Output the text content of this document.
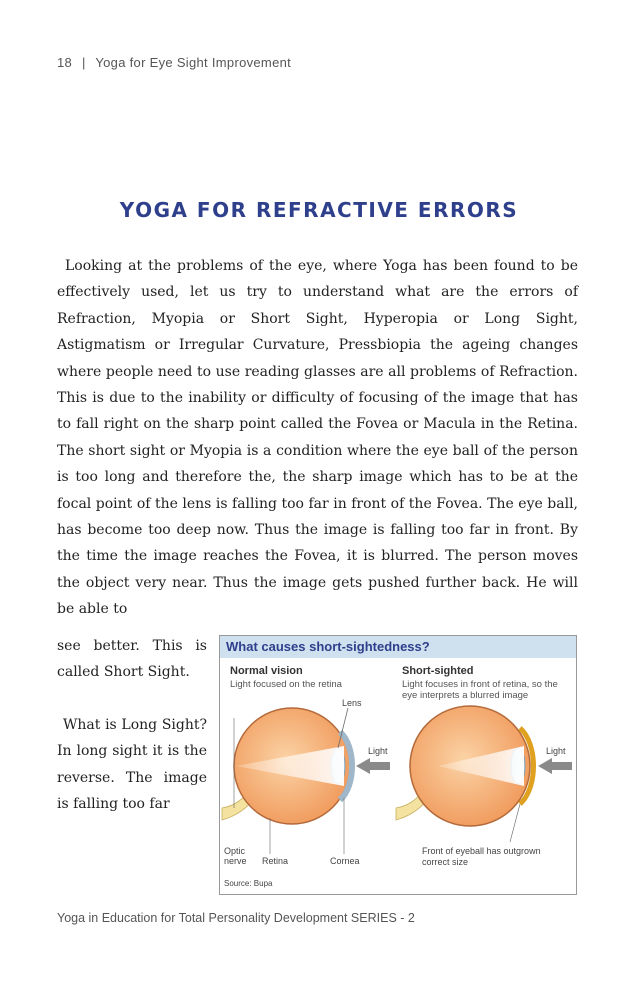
18 | Yoga for Eye Sight Improvement
YOGA FOR REFRACTIVE ERRORS

Looking at the problems of the eye, where Yoga has been found to be effectively used, let us try to understand what are the errors of Refraction, Myopia or Short Sight, Hyperopia or Long Sight, Astigmatism or Irregular Curvature, Pressbiopia the ageing changes where people need to use reading glasses are all problems of Refraction. This is due to the inability or difficulty of focusing of the image that has to fall right on the sharp point called the Fovea or Macula in the Retina. The short sight or Myopia is a condition where the eye ball of the person is too long and therefore the, the sharp image which has to be at the focal point of the lens is falling too far in front of the Fovea. The eye ball, has become too deep now. Thus the image is falling too far in front. By the time the image reaches the Fovea, it is blurred. The person moves the object very near. Thus the image gets pushed further back. He will be able to

see better. This is called Short Sight.

What is Long Sight? In long sight it is the reverse. The image is falling too far

What causes short-sightedness?
Normal vision
Light focused on the retina
Short-sighted
Light focuses in front of retina, so the
eye interprets a blurred image
Lens
Light
Optic
nerve Retina	Cornea
Light
Front of eyeball has outgrown
correct size
Source: Bupa
Yoga in Education for Total Personality Development SERIES - 2
